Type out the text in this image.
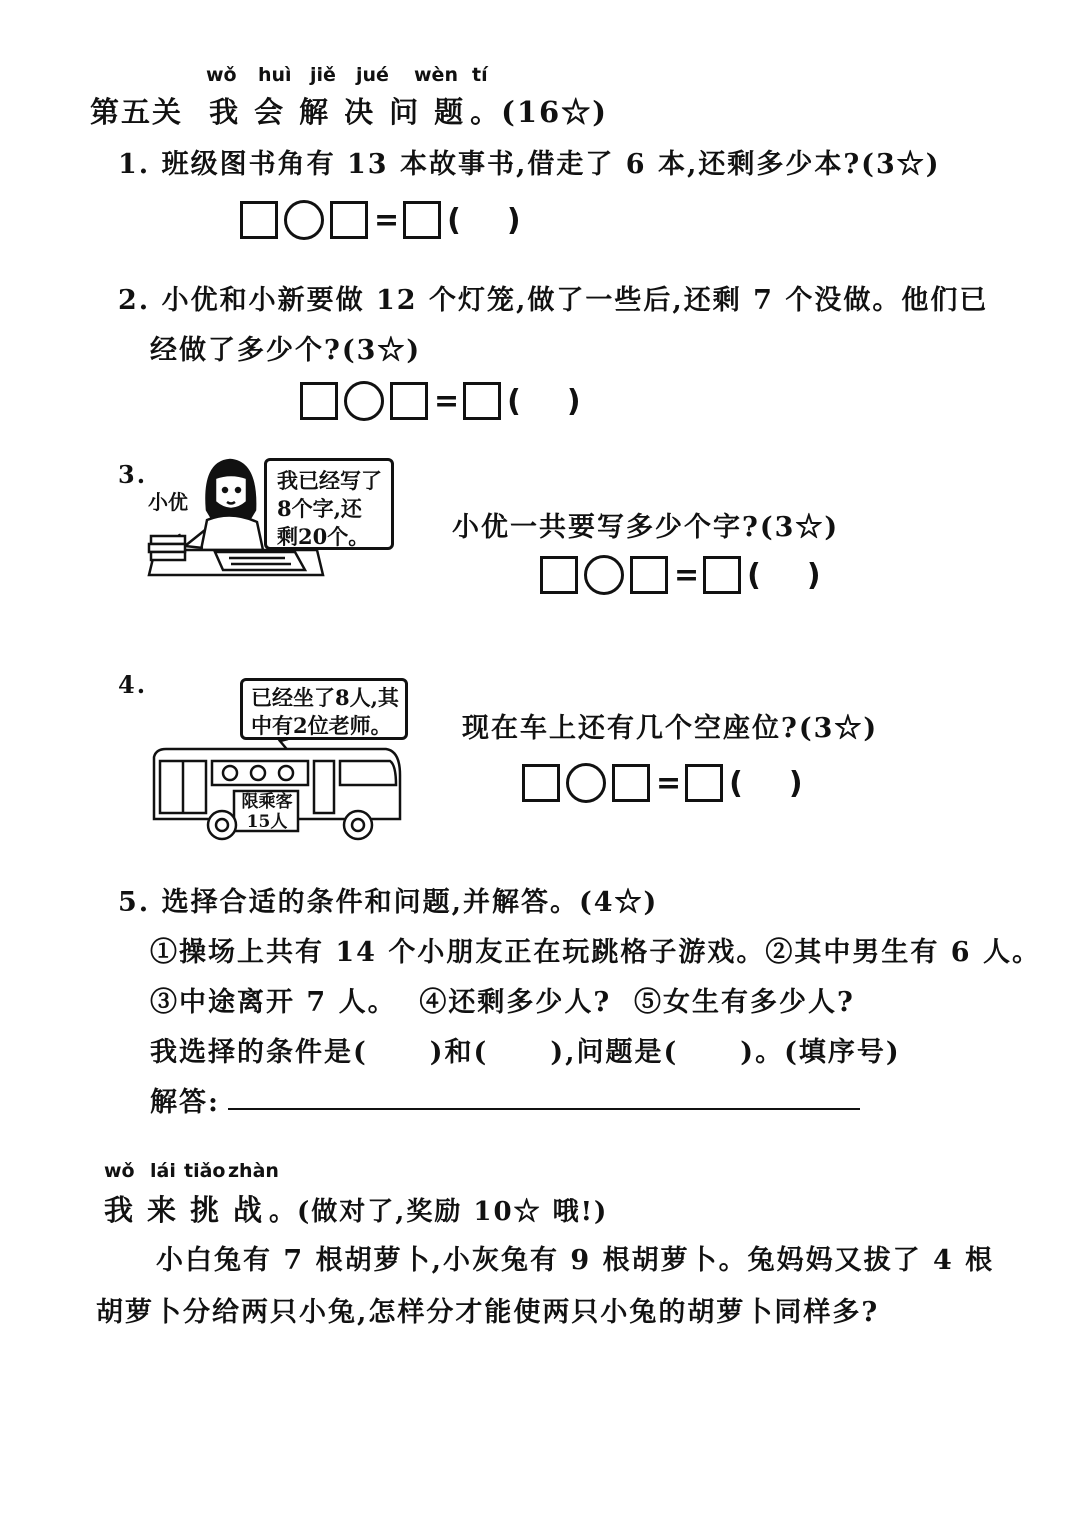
wǒ huì jiě jué wèn tí
第五关 我 会 解 决 问 题 。(16☆)
1. 班级图书角有 13 本故事书,借走了 6 本,还剩多少本?(3☆)
= ( )
2. 小优和小新要做 12 个灯笼,做了一些后,还剩 7 个没做。他们已
经做了多少个?(3☆)
= ( )
3.
小优
我已经写了
8个字,还
剩20个。	小优一共要写多少个字?(3☆)
= ( )
4.	已经坐了8人,其
中有2位老师。
限乘客
15人
现在车上还有几个空座位?(3☆)
= ( )
5. 选择合适的条件和问题,并解答。(4☆)
①操场上共有 14 个小朋友正在玩跳格子游戏。②其中男生有 6 人。
③中途离开 7 人。  ④还剩多少人?  ⑤女生有多少人?
我选择的条件是( )和( ),问题是( )。(填序号)
解答:
wǒ lái tiǎo zhàn
我 来 挑 战 。(做对了,奖励 10☆ 哦!)
小白兔有 7 根胡萝卜,小灰兔有 9 根胡萝卜。兔妈妈又拔了 4 根
胡萝卜分给两只小兔,怎样分才能使两只小兔的胡萝卜同样多?
